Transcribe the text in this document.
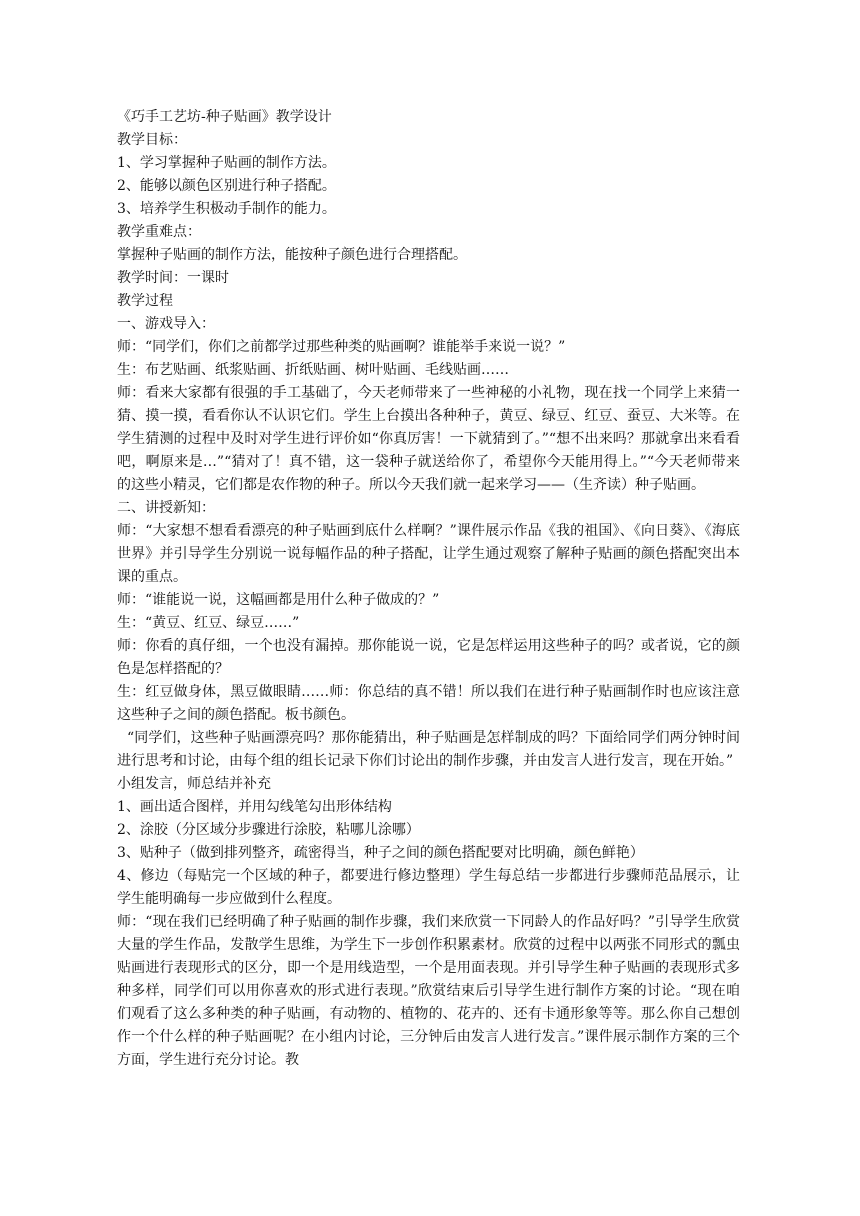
《巧手工艺坊-种子贴画》教学设计
教学目标：
1、学习掌握种子贴画的制作方法。
2、能够以颜色区别进行种子搭配。
3、培养学生积极动手制作的能力。
教学重难点：
掌握种子贴画的制作方法，能按种子颜色进行合理搭配。
教学时间：一课时
教学过程
一、游戏导入：
师：“同学们，你们之前都学过那些种类的贴画啊？谁能举手来说一说？”
生：布艺贴画、纸浆贴画、折纸贴画、树叶贴画、毛线贴画……
师：看来大家都有很强的手工基础了，今天老师带来了一些神秘的小礼物，现在找一个同学上来猜一猜、摸一摸，看看你认不认识它们。学生上台摸出各种种子，黄豆、绿豆、红豆、蚕豆、大米等。在学生猜测的过程中及时对学生进行评价如“你真厉害！一下就猜到了。”“想不出来吗？那就拿出来看看吧，啊原来是…”“猜对了！真不错，这一袋种子就送给你了，希望你今天能用得上。”“今天老师带来的这些小精灵，它们都是农作物的种子。所以今天我们就一起来学习——（生齐读）种子贴画。
二、讲授新知：
师：“大家想不想看看漂亮的种子贴画到底什么样啊？”课件展示作品《我的祖国》、《向日葵》、《海底世界》并引导学生分别说一说每幅作品的种子搭配，让学生通过观察了解种子贴画的颜色搭配突出本课的重点。
师：“谁能说一说，这幅画都是用什么种子做成的？”
生：“黄豆、红豆、绿豆……”
师：你看的真仔细，一个也没有漏掉。那你能说一说，它是怎样运用这些种子的吗？或者说，它的颜色是怎样搭配的？
生：红豆做身体，黑豆做眼睛……师：你总结的真不错！所以我们在进行种子贴画制作时也应该注意这些种子之间的颜色搭配。板书颜色。
“同学们，这些种子贴画漂亮吗？那你能猜出，种子贴画是怎样制成的吗？下面给同学们两分钟时间进行思考和讨论，由每个组的组长记录下你们讨论出的制作步骤，并由发言人进行发言，现在开始。”
小组发言，师总结并补充
1、画出适合图样，并用勾线笔勾出形体结构
2、涂胶（分区域分步骤进行涂胶，粘哪儿涂哪）
3、贴种子（做到排列整齐，疏密得当，种子之间的颜色搭配要对比明确，颜色鲜艳）
4、修边（每贴完一个区域的种子，都要进行修边整理）学生每总结一步都进行步骤师范品展示，让学生能明确每一步应做到什么程度。
师：“现在我们已经明确了种子贴画的制作步骤，我们来欣赏一下同龄人的作品好吗？”引导学生欣赏大量的学生作品，发散学生思维，为学生下一步创作积累素材。欣赏的过程中以两张不同形式的瓢虫贴画进行表现形式的区分，即一个是用线造型，一个是用面表现。并引导学生种子贴画的表现形式多种多样，同学们可以用你喜欢的形式进行表现。”欣赏结束后引导学生进行制作方案的讨论。“现在咱们观看了这么多种类的种子贴画，有动物的、植物的、花卉的、还有卡通形象等等。那么你自己想创作一个什么样的种子贴画呢？在小组内讨论，三分钟后由发言人进行发言。”课件展示制作方案的三个方面，学生进行充分讨论。教
